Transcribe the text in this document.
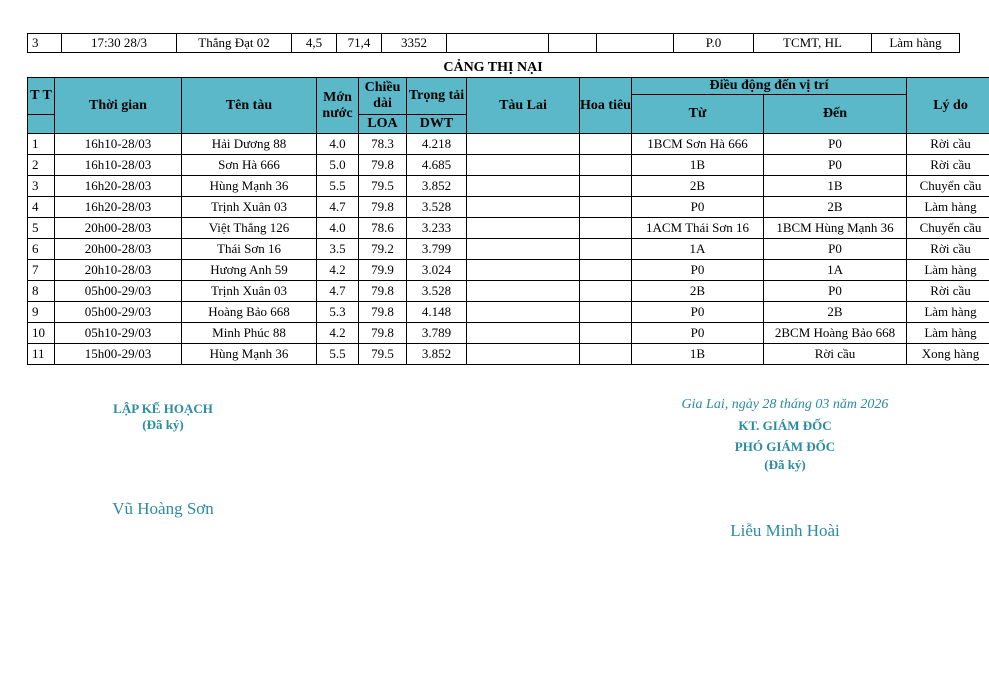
3	17:30 28/3	Thắng Đạt 02	4,5	71,4	3352				P.0	TCMT, HL	Làm hàng
CẢNG THỊ NẠI
T T	Thời gian	Tên tàu	Mớn nước	Chiều dài	Trọng tải	Tàu Lai	Hoa tiêu	Điều động đến vị trí		Lý do
								Từ	Đến	
				LOA	DWT					
1	16h10-28/03	Hải Dương 88	4.0	78.3	4.218			1BCM Sơn Hà 666	P0	Rời cầu
2	16h10-28/03	Sơn Hà 666	5.0	79.8	4.685			1B	P0	Rời cầu
3	16h20-28/03	Hùng Mạnh 36	5.5	79.5	3.852			2B	1B	Chuyển cầu
4	16h20-28/03	Trịnh Xuân 03	4.7	79.8	3.528			P0	2B	Làm hàng
5	20h00-28/03	Việt Thắng 126	4.0	78.6	3.233			1ACM Thái Sơn 16	1BCM Hùng Mạnh 36	Chuyển cầu
6	20h00-28/03	Thái Sơn 16	3.5	79.2	3.799			1A	P0	Rời cầu
7	20h10-28/03	Hương Anh 59	4.2	79.9	3.024			P0	1A	Làm hàng
8	05h00-29/03	Trịnh Xuân 03	4.7	79.8	3.528			2B	P0	Rời cầu
9	05h00-29/03	Hoàng Bảo 668	5.3	79.8	4.148			P0	2B	Làm hàng
10	05h10-29/03	Minh Phúc 88	4.2	79.8	3.789			P0	2BCM Hoàng Bảo 668	Làm hàng
11	15h00-29/03	Hùng Mạnh 36	5.5	79.5	3.852			1B	Rời cầu	Xong hàng
LẬP KẾ HOẠCH
(Đã ký)
Vũ Hoàng Sơn
Gia Lai, ngày 28 tháng 03 năm 2026
KT. GIÁM ĐỐC
PHÓ GIÁM ĐỐC
(Đã ký)
Liễu Minh Hoài
